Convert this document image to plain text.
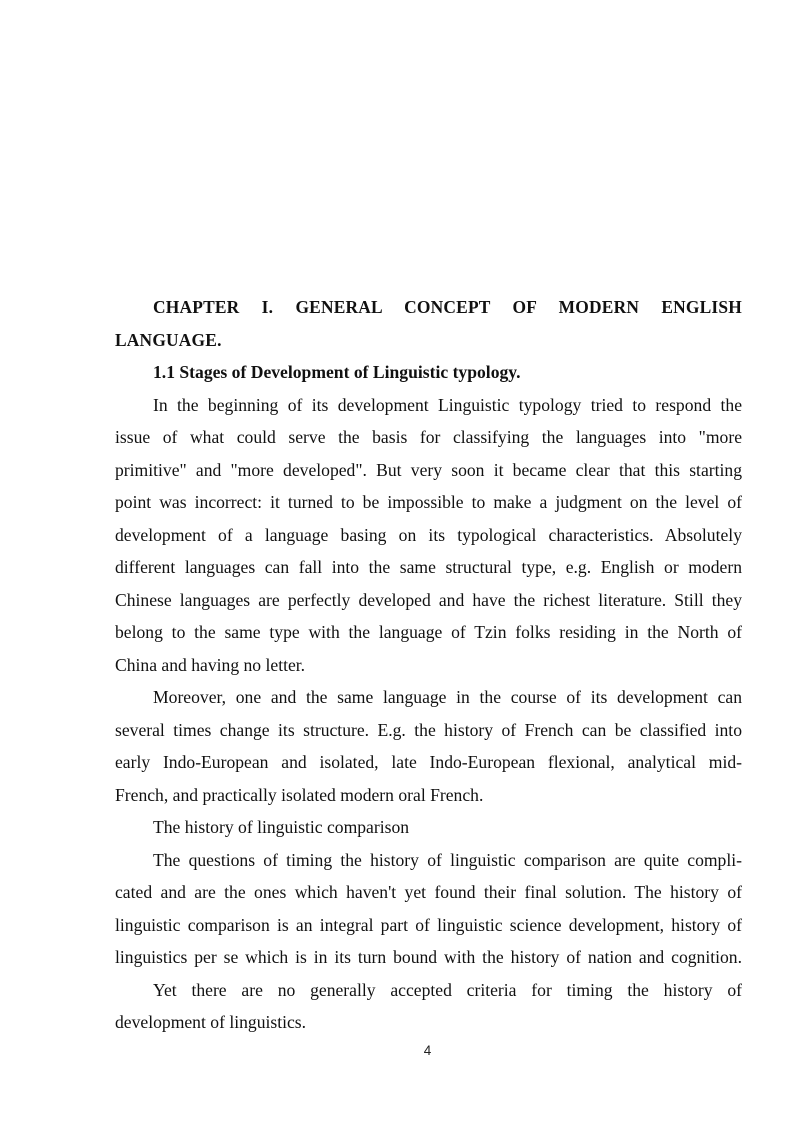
CHAPTER I. GENERAL CONCEPT OF MODERN ENGLISH
LANGUAGE.
1.1 Stages of Development of Linguistic typology.
In the beginning of its development Linguistic typology tried to respond the
issue of what could serve the basis for classifying the languages into "more
primitive" and "more developed". But very soon it became clear that this starting
point was incorrect: it turned to be impossible to make a judgment on the level of
development of a language basing on its typological characteristics. Absolutely
different languages can fall into the same structural type, e.g. English or modern
Chinese languages are perfectly developed and have the richest literature. Still they
belong to the same type with the language of Tzin folks residing in the North of
China and having no letter.
Moreover, one and the same language in the course of its development can
several times change its structure. E.g. the history of French can be classified into
early Indo-European and isolated, late Indo-European flexional, analytical mid-
French, and practically isolated modern oral French.
The history of linguistic comparison
The questions of timing the history of linguistic comparison are quite compli-
cated and are the ones which haven't yet found their final solution. The history of
linguistic comparison is an integral part of linguistic science development, history of
linguistics per se which is in its turn bound with the history of nation and cognition.
Yet there are no generally accepted criteria for timing the history of
development of linguistics.
4
